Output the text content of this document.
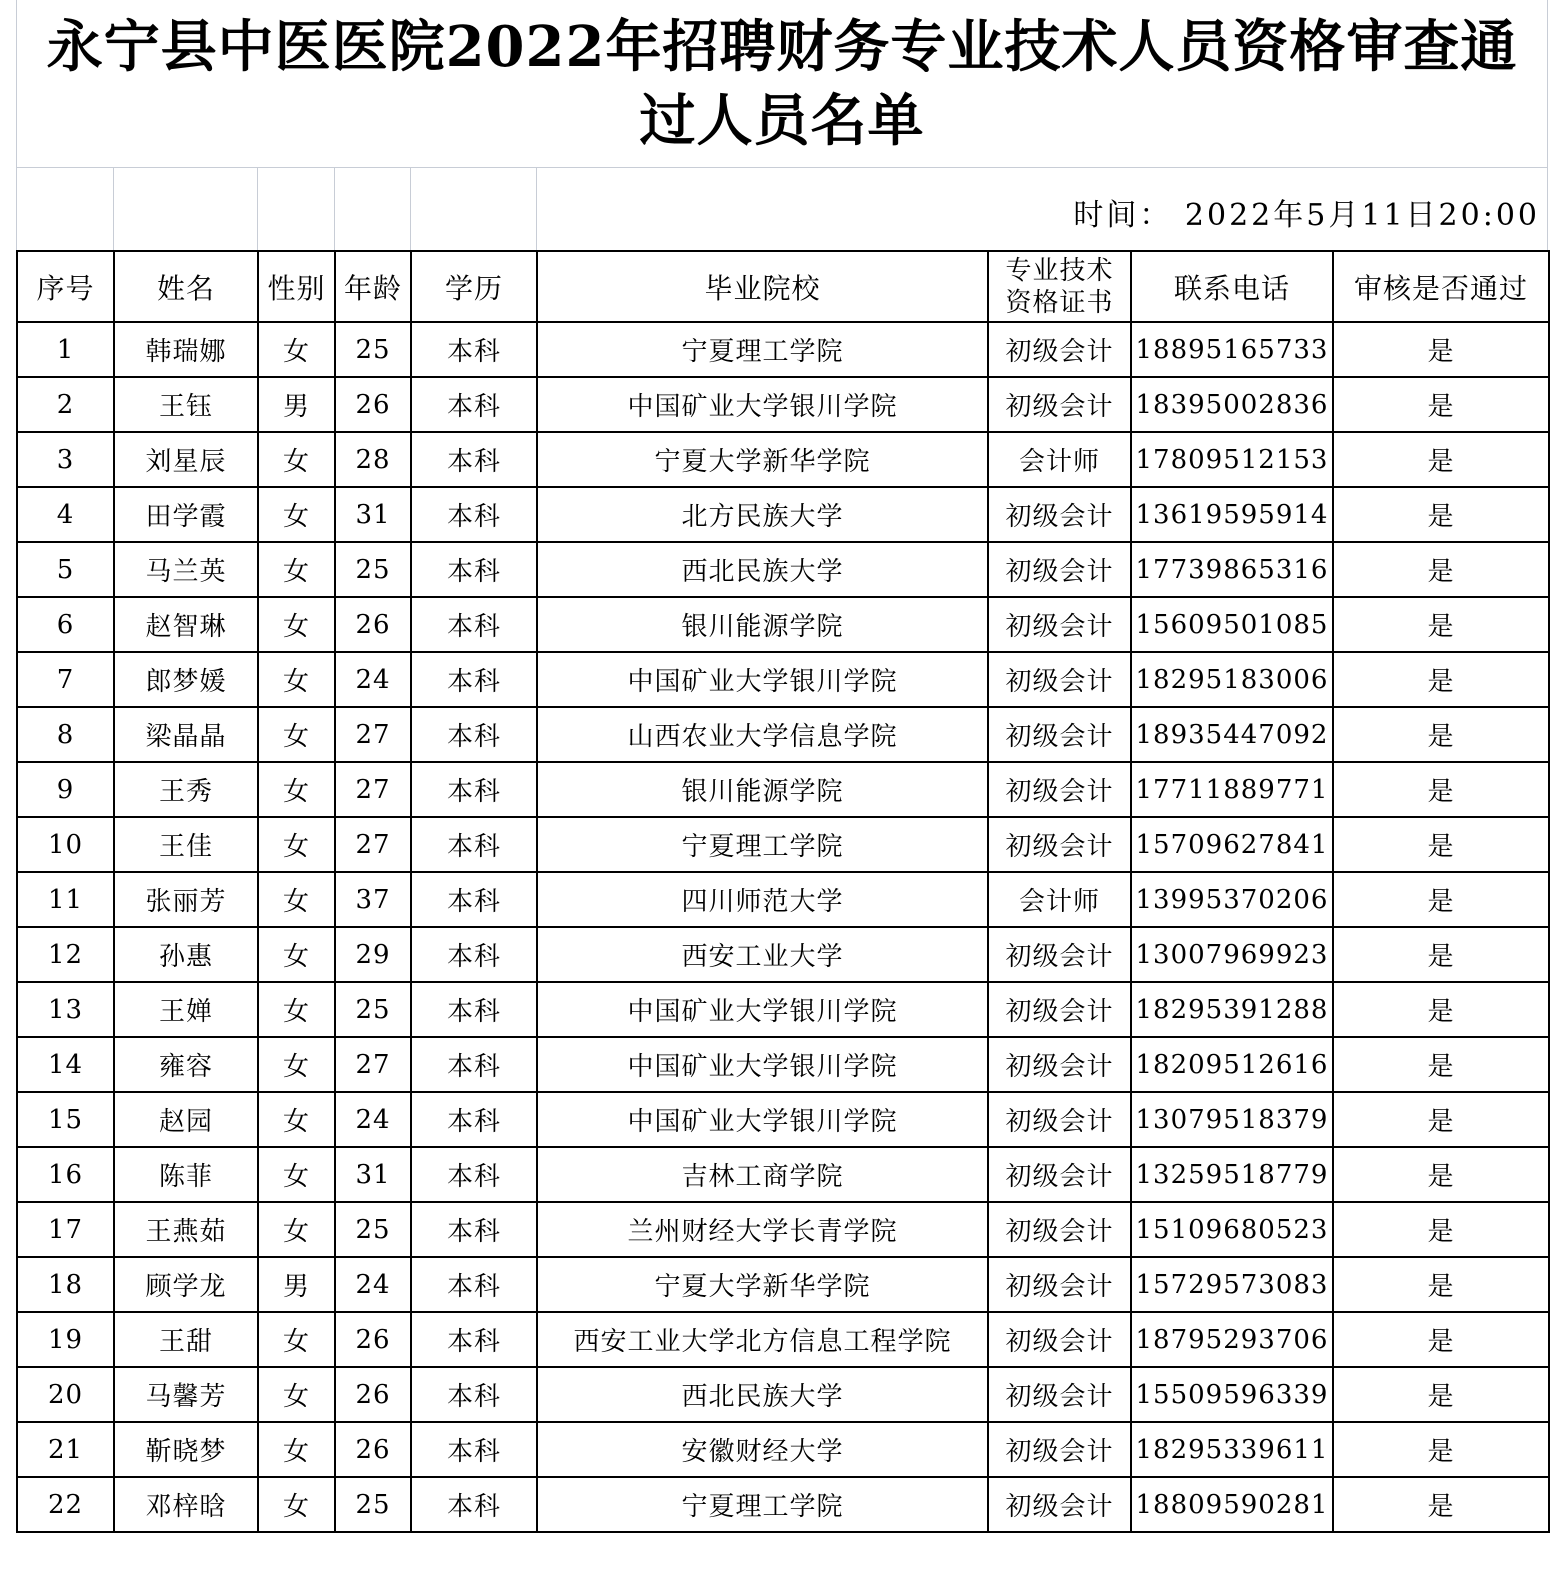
永宁县中医医院2022年招聘财务专业技术人员资格审查通
过人员名单
时间： 2022年5月11日20:00
序号	姓名	性别	年龄	学历	毕业院校	专业技术
资格证书	联系电话	审核是否通过
1	韩瑞娜	女	25	本科	宁夏理工学院	初级会计	18895165733	是
2	王钰	男	26	本科	中国矿业大学银川学院	初级会计	18395002836	是
3	刘星辰	女	28	本科	宁夏大学新华学院	会计师	17809512153	是
4	田学霞	女	31	本科	北方民族大学	初级会计	13619595914	是
5	马兰英	女	25	本科	西北民族大学	初级会计	17739865316	是
6	赵智琳	女	26	本科	银川能源学院	初级会计	15609501085	是
7	郎梦媛	女	24	本科	中国矿业大学银川学院	初级会计	18295183006	是
8	梁晶晶	女	27	本科	山西农业大学信息学院	初级会计	18935447092	是
9	王秀	女	27	本科	银川能源学院	初级会计	17711889771	是
10	王佳	女	27	本科	宁夏理工学院	初级会计	15709627841	是
11	张丽芳	女	37	本科	四川师范大学	会计师	13995370206	是
12	孙惠	女	29	本科	西安工业大学	初级会计	13007969923	是
13	王婵	女	25	本科	中国矿业大学银川学院	初级会计	18295391288	是
14	雍容	女	27	本科	中国矿业大学银川学院	初级会计	18209512616	是
15	赵园	女	24	本科	中国矿业大学银川学院	初级会计	13079518379	是
16	陈菲	女	31	本科	吉林工商学院	初级会计	13259518779	是
17	王燕茹	女	25	本科	兰州财经大学长青学院	初级会计	15109680523	是
18	顾学龙	男	24	本科	宁夏大学新华学院	初级会计	15729573083	是
19	王甜	女	26	本科	西安工业大学北方信息工程学院	初级会计	18795293706	是
20	马馨芳	女	26	本科	西北民族大学	初级会计	15509596339	是
21	靳晓梦	女	26	本科	安徽财经大学	初级会计	18295339611	是
22	邓梓晗	女	25	本科	宁夏理工学院	初级会计	18809590281	是
